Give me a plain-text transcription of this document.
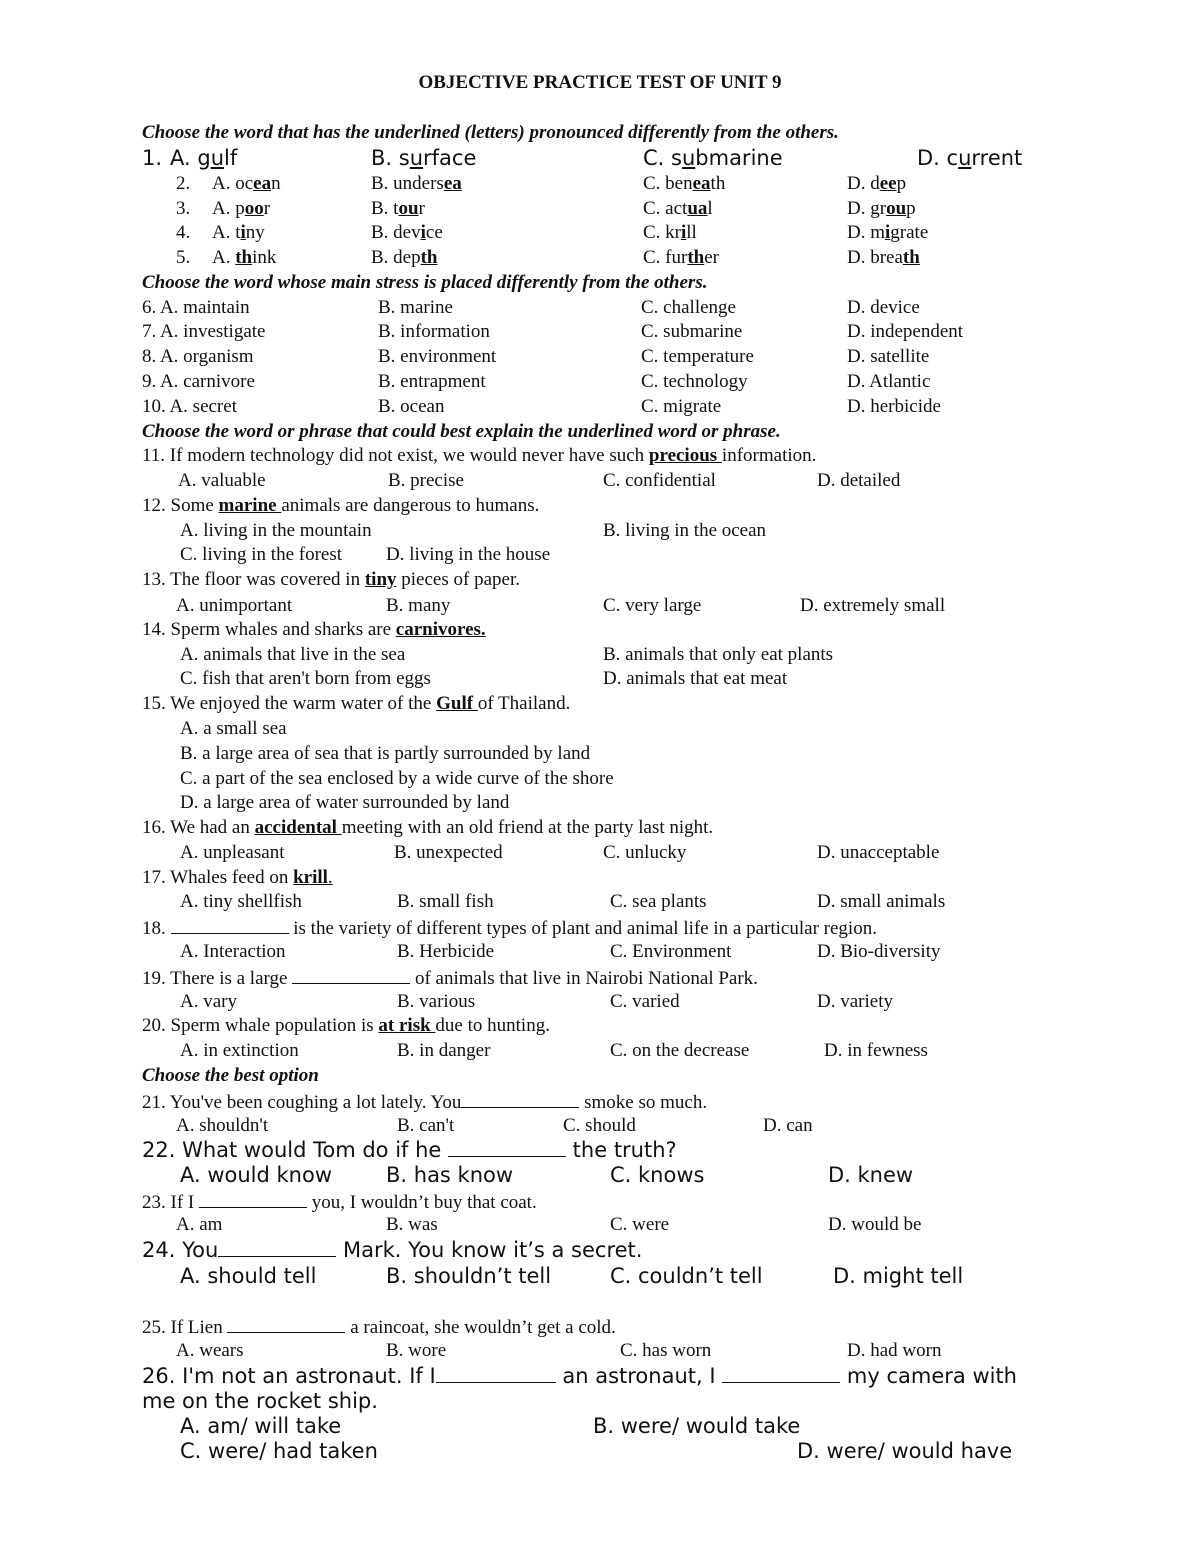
OBJECTIVE PRACTICE TEST OF UNIT 9
Choose the word that has the underlined (letters) pronounced differently from the others.
1. A. gulf	B. surface	C. submarine	D. current
2. A. ocean	B. undersea	C. beneath	D. deep
3. A. poor	B. tour	C. actual	D. group
4. A. tiny	B. device	C. krill	D. migrate
5. A. think	B. depth	C. further	D. breath
Choose the word whose main stress is placed differently from the others.
6. A. maintain	B. marine	C. challenge	D. device
7. A. investigate	B. information	C. submarine	D. independent
8. A. organism	B. environment	C. temperature	D. satellite
9. A. carnivore	B. entrapment	C. technology	D. Atlantic
10. A. secret	B. ocean	C. migrate	D. herbicide
Choose the word or phrase that could best explain the underlined word or phrase.
11. If modern technology did not exist, we would never have such precious information.
A. valuable	B. precise	C. confidential	D. detailed
12. Some marine animals are dangerous to humans.
A. living in the mountain	B. living in the ocean
C. living in the forest D. living in the house
13. The floor was covered in tiny pieces of paper.
A. unimportant	B. many	C. very large	D. extremely small
14. Sperm whales and sharks are carnivores.
A. animals that live in the sea	B. animals that only eat plants
C. fish that aren't born from eggs	D. animals that eat meat
15. We enjoyed the warm water of the Gulf of Thailand.
A. a small sea
B. a large area of sea that is partly surrounded by land
C. a part of the sea enclosed by a wide curve of the shore
D. a large area of water surrounded by land
16. We had an accidental meeting with an old friend at the party last night.
A. unpleasant	B. unexpected	C. unlucky	D. unacceptable
17. Whales feed on krill.
A. tiny shellfish	B. small fish	C. sea plants	D. small animals
18.	is the variety of different types of plant and animal life in a particular region.
A. Interaction	B. Herbicide	C. Environment	D. Bio-diversity
19. There is a large	of animals that live in Nairobi National Park.
A. vary	B. various	C. varied	D. variety
20. Sperm whale population is at risk due to hunting.
A. in extinction	B. in danger	C. on the decrease	D. in fewness
Choose the best option
21. You've been coughing a lot lately. You	smoke so much.
A. shouldn't	B. can't	C. should	D. can
22. What would Tom do if he	the truth?
A. would know	B. has know	C. knows	D. knew
23. If I	you, I wouldn’t buy that coat.
A. am	B. was	C. were	D. would be
24. You	Mark. You know it’s a secret.
A. should tell	B. shouldn’t tell	C. couldn’t tell	D. might tell
25. If Lien	a raincoat, she wouldn’t get a cold.
A. wears	B. wore	C. has worn	D. had worn
26. I'm not an astronaut. If I	an astronaut, I	my camera with
me on the rocket ship.
A. am/ will take	B. were/ would take
C. were/ had taken	D. were/ would have
